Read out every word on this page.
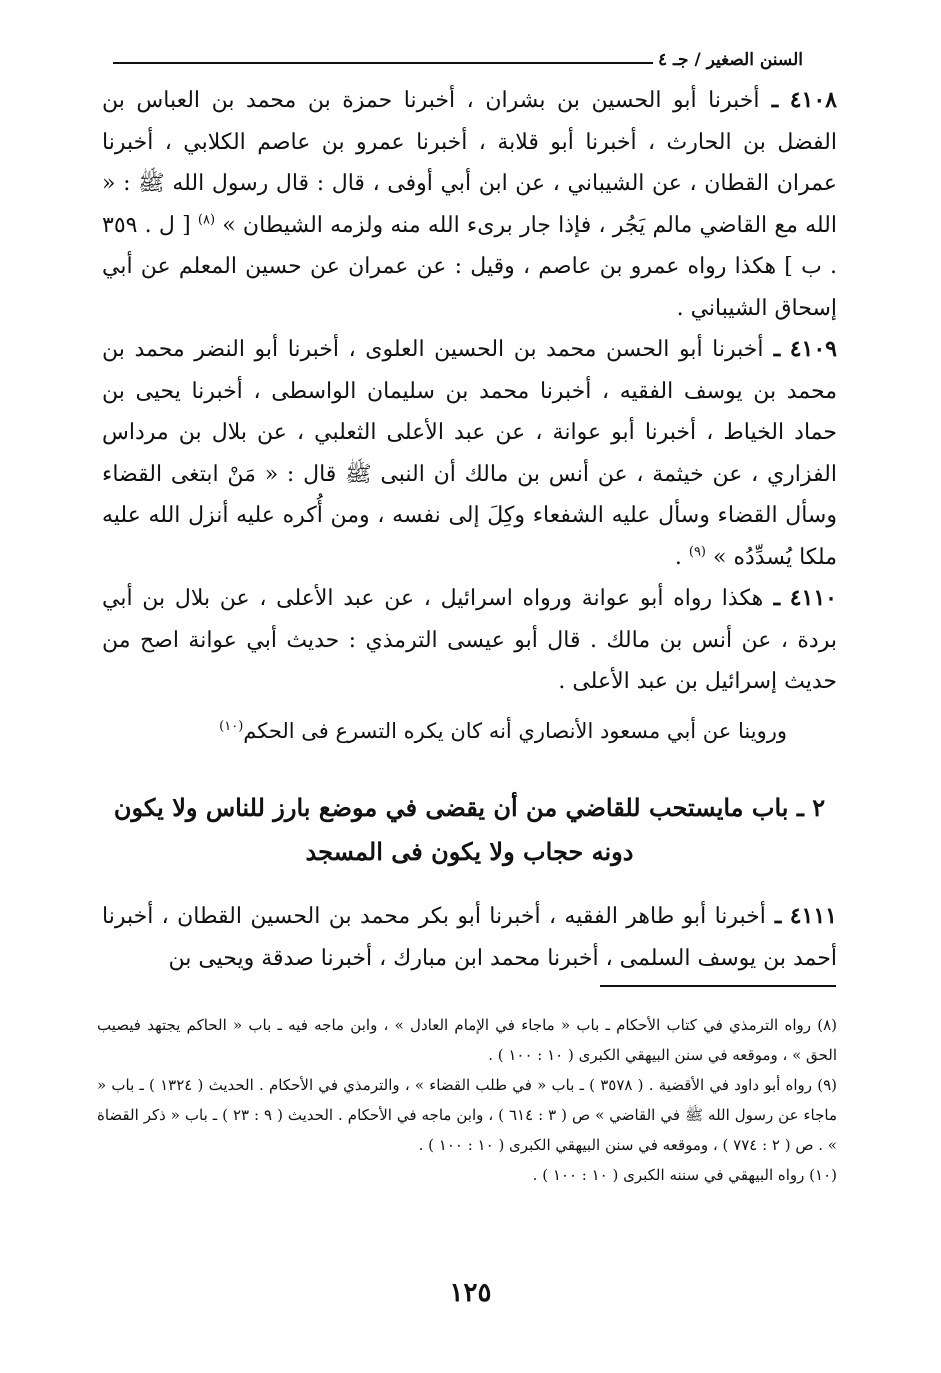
السنن الصغير / جـ ٤

٤١٠٨ ـ أخبرنا أبو الحسين بن بشران ، أخبرنا حمزة بن محمد بن العباس بن الفضل بن الحارث ، أخبرنا أبو قلابة ، أخبرنا عمرو بن عاصم الكلابي ، أخبرنا عمران القطان ، عن الشيباني ، عن ابن أبي أوفى ، قال : قال رسول الله ﷺ : « الله مع القاضي مالم يَجُر ، فإذا جار برىء الله منه ولزمه الشيطان » $^{(٨)}$ [ ل . ٣٥٩ . ب ] هكذا رواه عمرو بن عاصم ، وقيل : عن عمران عن حسين المعلم عن أبي إسحاق الشيباني .

٤١٠٩ ـ أخبرنا أبو الحسن محمد بن الحسين العلوى ، أخبرنا أبو النضر محمد بن محمد بن يوسف الفقيه ، أخبرنا محمد بن سليمان الواسطى ، أخبرنا يحيى بن حماد الخياط ، أخبرنا أبو عوانة ، عن عبد الأعلى الثعلبي ، عن بلال بن مرداس الفزاري ، عن خيثمة ، عن أنس بن مالك أن النبى ﷺ قال : « مَنْ ابتغى القضاء وسأل القضاء وسأل عليه الشفعاء وكِلَ إلى نفسه ، ومن أُكره عليه أنزل الله عليه ملكا يُسدِّدُه » $^{(٩)}$ .

٤١١٠ ـ هكذا رواه أبو عوانة ورواه اسرائيل ، عن عبد الأعلى ، عن بلال بن أبي بردة ، عن أنس بن مالك . قال أبو عيسى الترمذي : حديث أبي عوانة اصح من حديث إسرائيل بن عبد الأعلى .

وروينا عن أبي مسعود الأنصاري أنه كان يكره التسرع فى الحكم$^{(١٠)}$

٢ ـ باب مايستحب للقاضي من أن يقضى في موضع بارز للناس ولا يكون دونه حجاب ولا يكون فى المسجد

٤١١١ ـ أخبرنا أبو طاهر الفقيه ، أخبرنا أبو بكر محمد بن الحسين القطان ، أخبرنا أحمد بن يوسف السلمى ، أخبرنا محمد ابن مبارك ، أخبرنا صدقة ويحيى بن

(٨) رواه الترمذي في كتاب الأحكام ـ باب « ماجاء في الإمام العادل » ، وابن ماجه فيه ـ باب « الحاكم يجتهد فيصيب الحق » ، وموقعه في سنن البيهقي الكبرى ( ١٠ : ١٠٠ ) .

(٩) رواه أبو داود في الأقضية . ( ٣٥٧٨ ) ـ باب « في طلب القضاء » ، والترمذي في الأحكام . الحديث ( ١٣٢٤ ) ـ باب « ماجاء عن رسول الله ﷺ في القاضي » ص ( ٣ : ٦١٤ ) ، وابن ماجه في الأحكام . الحديث ( ٩ : ٢٣ ) ـ باب « ذكر القضاة » . ص ( ٢ : ٧٧٤ ) ، وموقعه في سنن البيهقي الكبرى ( ١٠ : ١٠٠ ) .

(١٠) رواه البيهقي في سننه الكبرى ( ١٠ : ١٠٠ ) .

١٢٥
